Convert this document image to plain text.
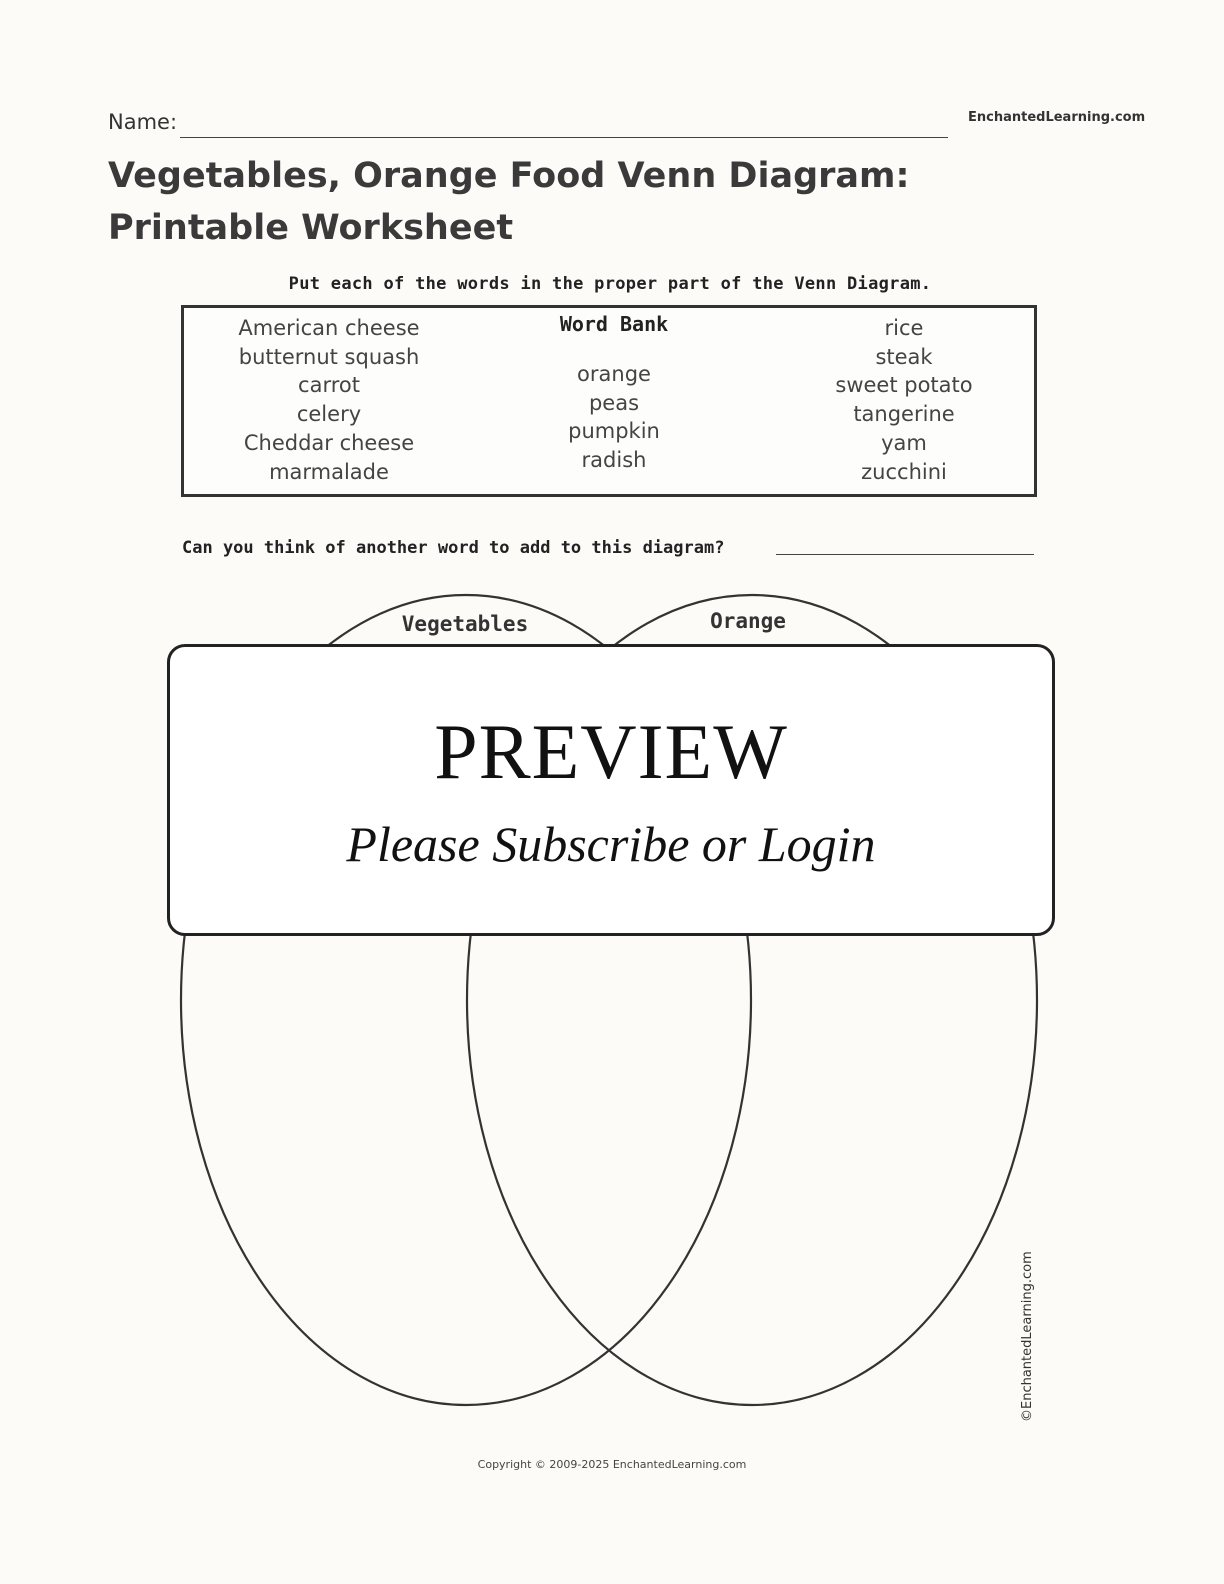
Name:	EnchantedLearning.com
Vegetables, Orange Food Venn Diagram: Printable Worksheet
Put each of the words in the proper part of the Venn Diagram.
American cheese
butternut squash
carrot
celery
Cheddar cheese
marmalade
Word Bank
orange
peas
pumpkin
radish
rice
steak
sweet potato
tangerine
yam
zucchini
Can you think of another word to add to this diagram?
Vegetables	Orange
PREVIEW
Please Subscribe or Login
©EnchantedLearning.com
Copyright © 2009-2025 EnchantedLearning.com
